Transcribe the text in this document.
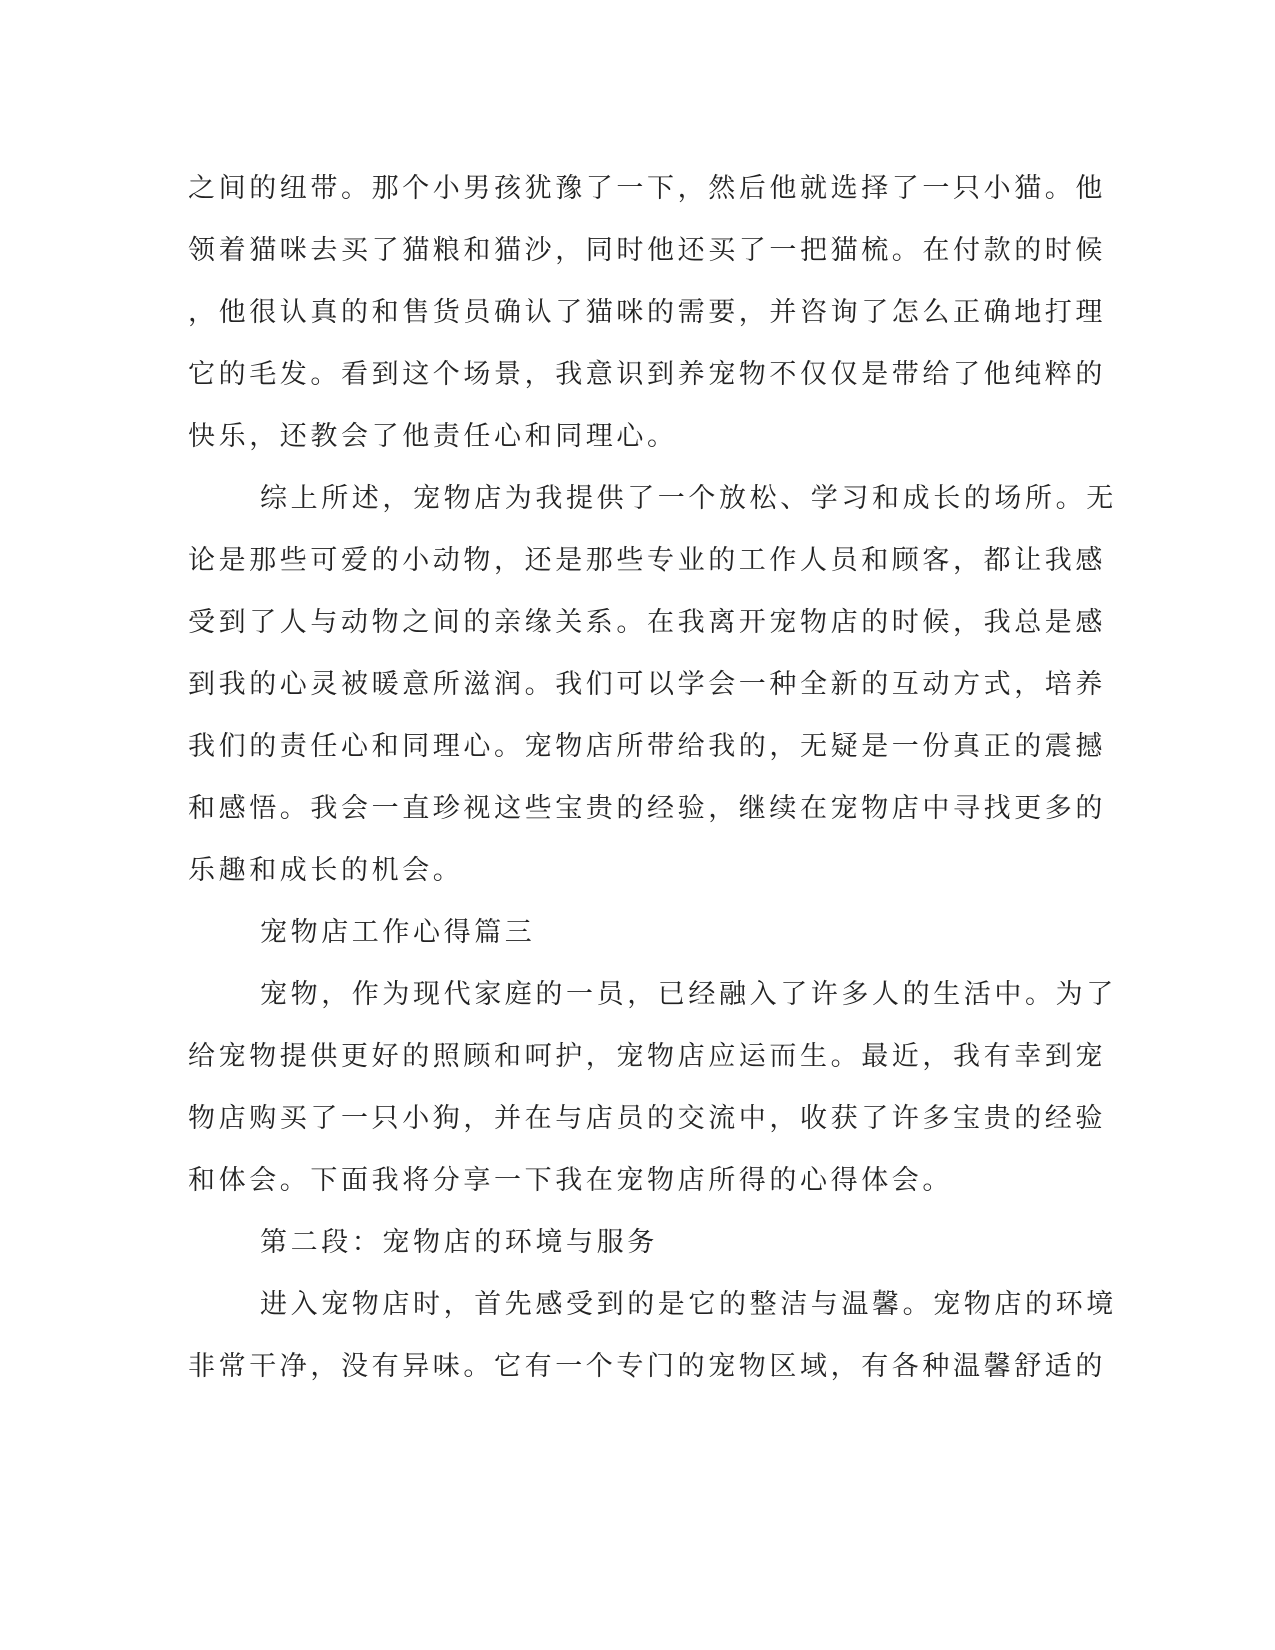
之间的纽带。那个小男孩犹豫了一下，然后他就选择了一只小猫。他
领着猫咪去买了猫粮和猫沙，同时他还买了一把猫梳。在付款的时候
，他很认真的和售货员确认了猫咪的需要，并咨询了怎么正确地打理
它的毛发。看到这个场景，我意识到养宠物不仅仅是带给了他纯粹的
快乐，还教会了他责任心和同理心。
综上所述，宠物店为我提供了一个放松、学习和成长的场所。无
论是那些可爱的小动物，还是那些专业的工作人员和顾客，都让我感
受到了人与动物之间的亲缘关系。在我离开宠物店的时候，我总是感
到我的心灵被暖意所滋润。我们可以学会一种全新的互动方式，培养
我们的责任心和同理心。宠物店所带给我的，无疑是一份真正的震撼
和感悟。我会一直珍视这些宝贵的经验，继续在宠物店中寻找更多的
乐趣和成长的机会。
宠物店工作心得篇三
宠物，作为现代家庭的一员，已经融入了许多人的生活中。为了
给宠物提供更好的照顾和呵护，宠物店应运而生。最近，我有幸到宠
物店购买了一只小狗，并在与店员的交流中，收获了许多宝贵的经验
和体会。下面我将分享一下我在宠物店所得的心得体会。
第二段：宠物店的环境与服务
进入宠物店时，首先感受到的是它的整洁与温馨。宠物店的环境
非常干净，没有异味。它有一个专门的宠物区域，有各种温馨舒适的
